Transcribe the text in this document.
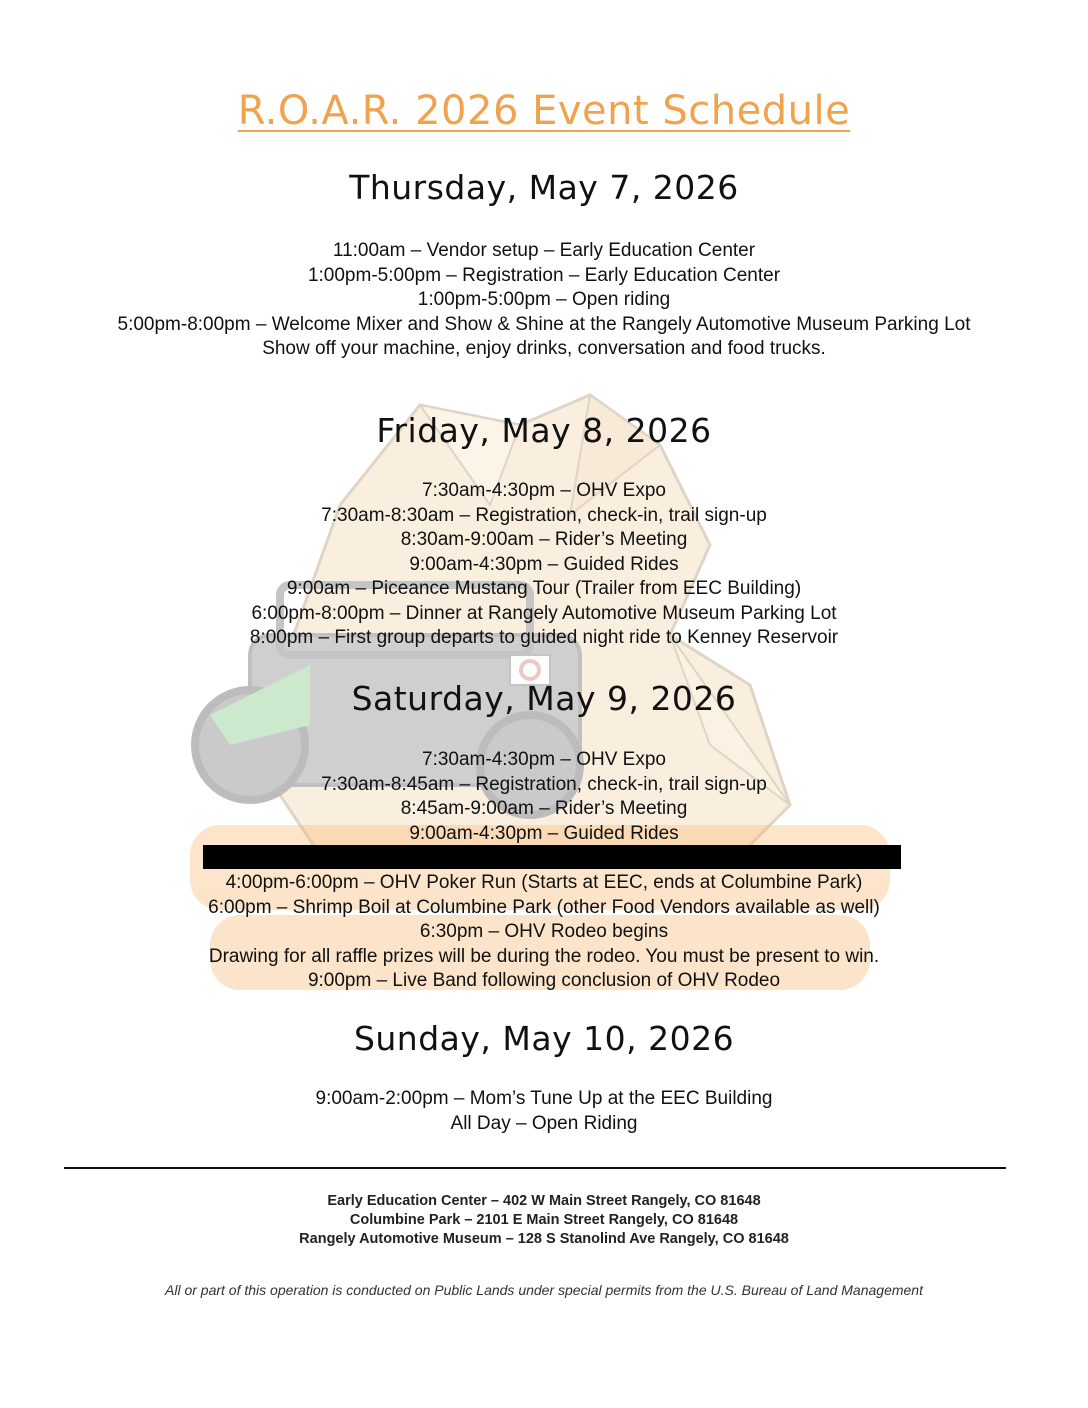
R.O.A.R. 2026 Event Schedule
Thursday, May 7, 2026
11:00am – Vendor setup – Early Education Center
1:00pm-5:00pm – Registration – Early Education Center
1:00pm-5:00pm – Open riding
5:00pm-8:00pm – Welcome Mixer and Show & Shine at the Rangely Automotive Museum Parking Lot
Show off your machine, enjoy drinks, conversation and food trucks.
Friday, May 8, 2026
7:30am-4:30pm – OHV Expo
7:30am-8:30am – Registration, check-in, trail sign-up
8:30am-9:00am – Rider’s Meeting
9:00am-4:30pm – Guided Rides
9:00am – Piceance Mustang Tour (Trailer from EEC Building)
6:00pm-8:00pm – Dinner at Rangely Automotive Museum Parking Lot
8:00pm – First group departs to guided night ride to Kenney Reservoir
Saturday, May 9, 2026
7:30am-4:30pm – OHV Expo
7:30am-8:45am – Registration, check-in, trail sign-up
8:45am-9:00am – Rider’s Meeting
9:00am-4:30pm – Guided Rides
4:00pm-6:00pm – OHV Poker Run (Starts at EEC, ends at Columbine Park)
6:00pm – Shrimp Boil at Columbine Park (other Food Vendors available as well)
6:30pm – OHV Rodeo begins
Drawing for all raffle prizes will be during the rodeo. You must be present to win.
9:00pm – Live Band following conclusion of OHV Rodeo
Sunday, May 10, 2026
9:00am-2:00pm – Mom’s Tune Up at the EEC Building
All Day – Open Riding
Early Education Center – 402 W Main Street Rangely, CO 81648
Columbine Park – 2101 E Main Street Rangely, CO 81648
Rangely Automotive Museum – 128 S Stanolind Ave Rangely, CO 81648
All or part of this operation is conducted on Public Lands under special permits from the U.S. Bureau of Land Management
